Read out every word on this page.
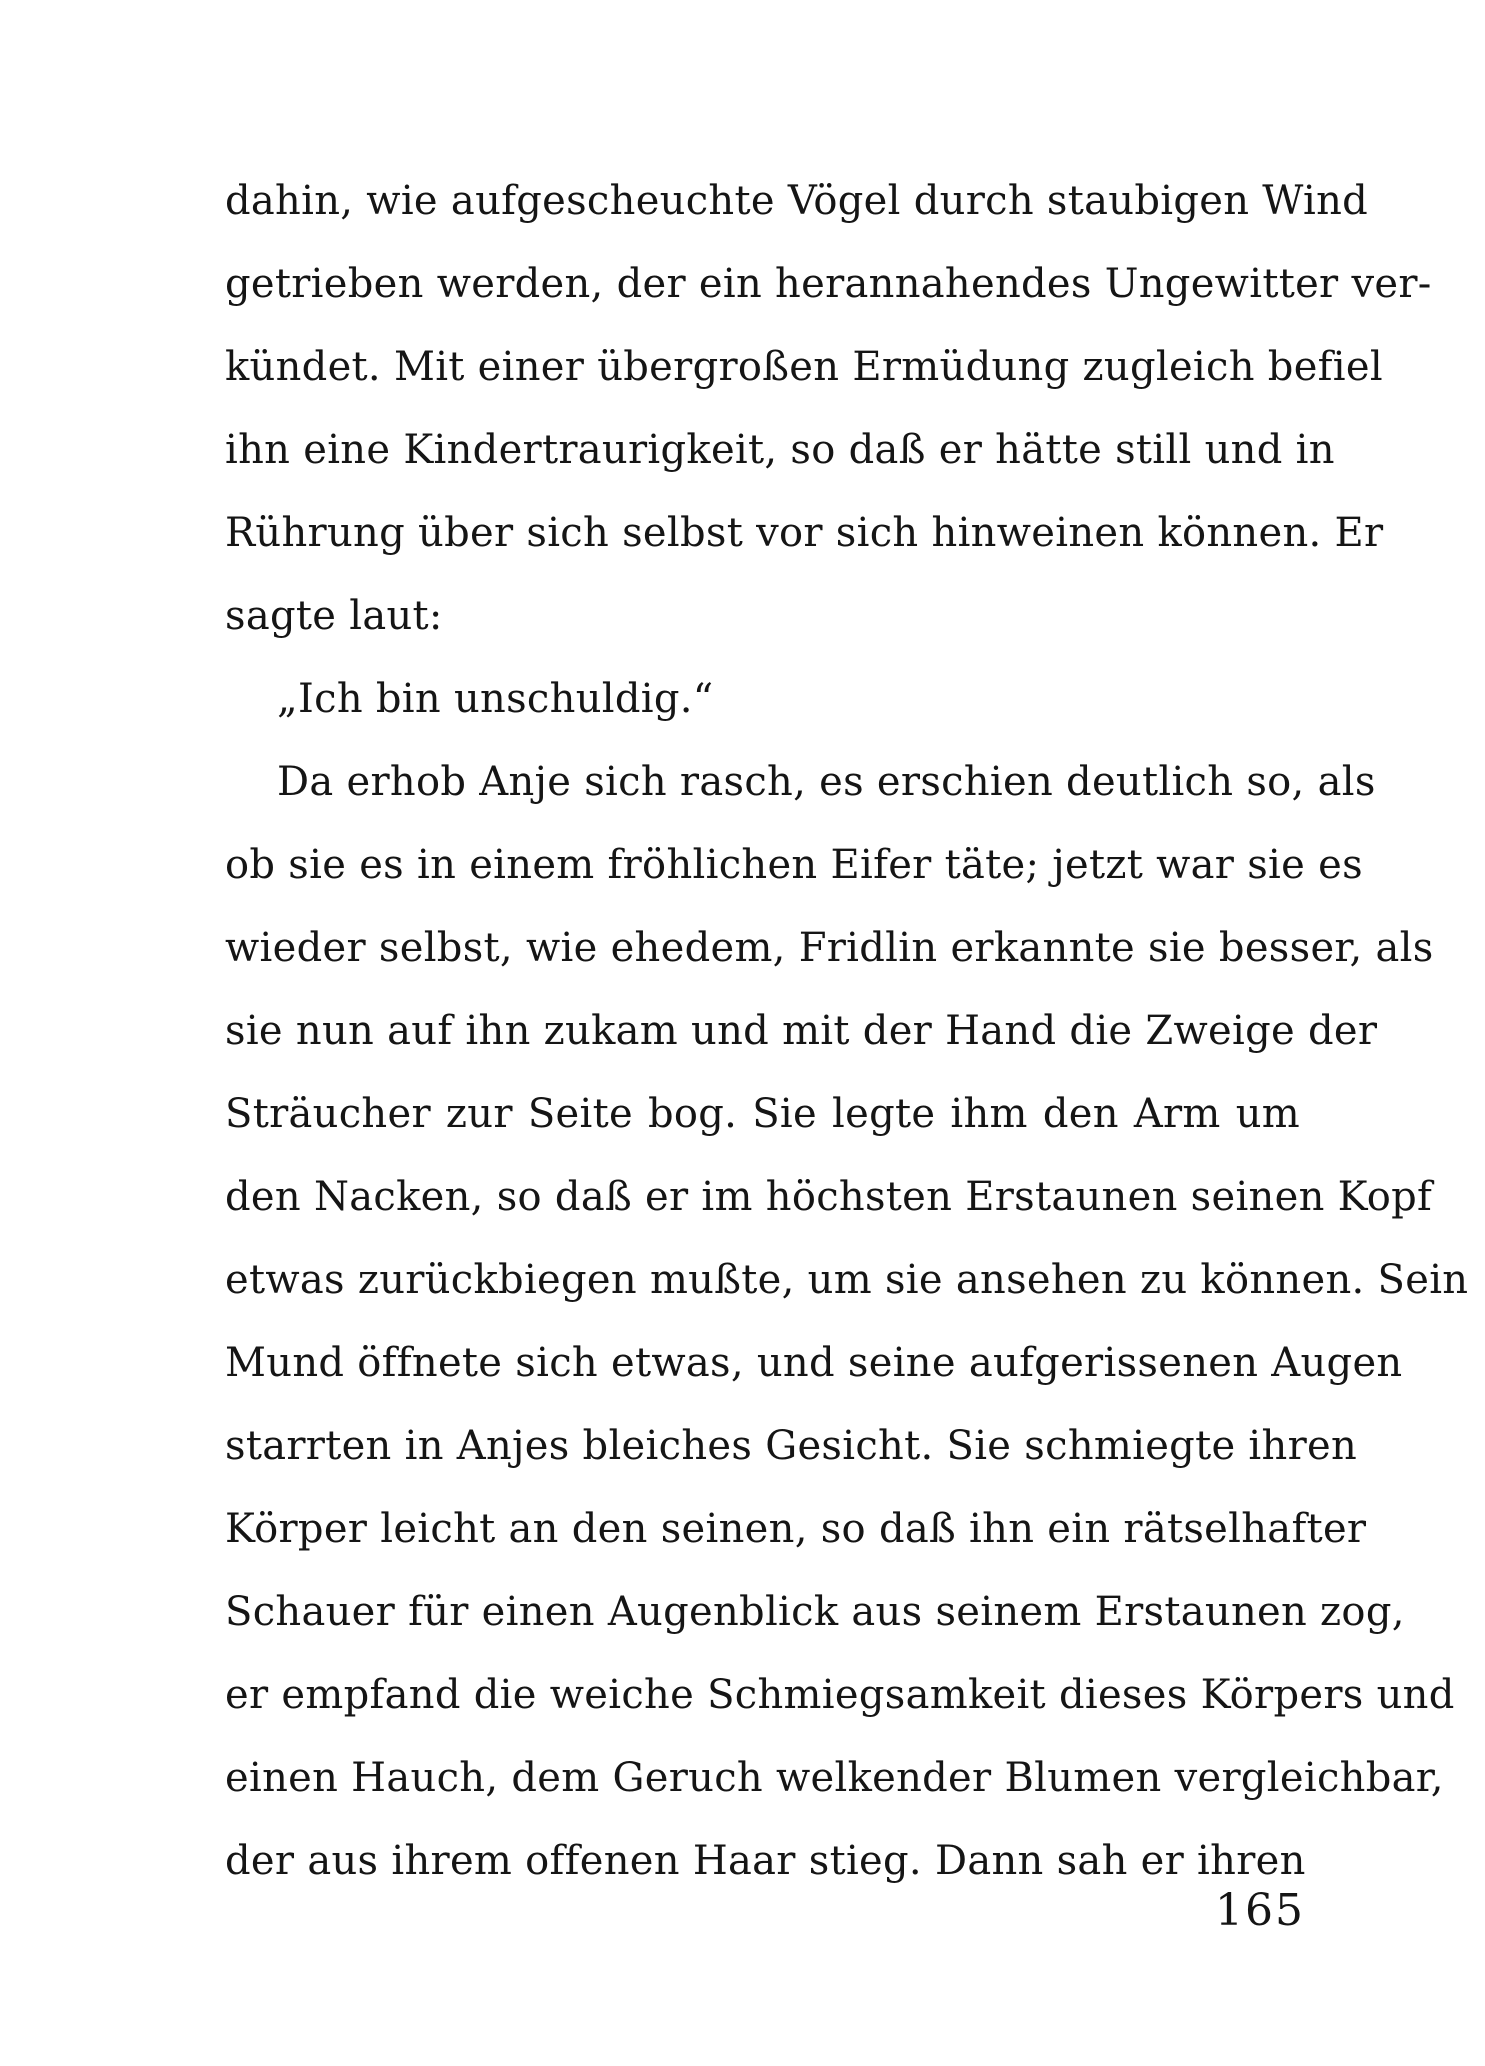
dahin, wie aufgescheuchte Vögel durch staubigen Wind
getrieben werden, der ein herannahendes Ungewitter ver-
kündet. Mit einer übergroßen Ermüdung zugleich befiel
ihn eine Kindertraurigkeit, so daß er hätte still und in
Rührung über sich selbst vor sich hinweinen können. Er
sagte laut:
„Ich bin unschuldig.“
Da erhob Anje sich rasch, es erschien deutlich so, als
ob sie es in einem fröhlichen Eifer täte; jetzt war sie es
wieder selbst, wie ehedem, Fridlin erkannte sie besser, als
sie nun auf ihn zukam und mit der Hand die Zweige der
Sträucher zur Seite bog. Sie legte ihm den Arm um
den Nacken, so daß er im höchsten Erstaunen seinen Kopf
etwas zurückbiegen mußte, um sie ansehen zu können. Sein
Mund öffnete sich etwas, und seine aufgerissenen Augen
starrten in Anjes bleiches Gesicht. Sie schmiegte ihren
Körper leicht an den seinen, so daß ihn ein rätselhafter
Schauer für einen Augenblick aus seinem Erstaunen zog,
er empfand die weiche Schmiegsamkeit dieses Körpers und
einen Hauch, dem Geruch welkender Blumen vergleichbar,
der aus ihrem offenen Haar stieg. Dann sah er ihren
165
